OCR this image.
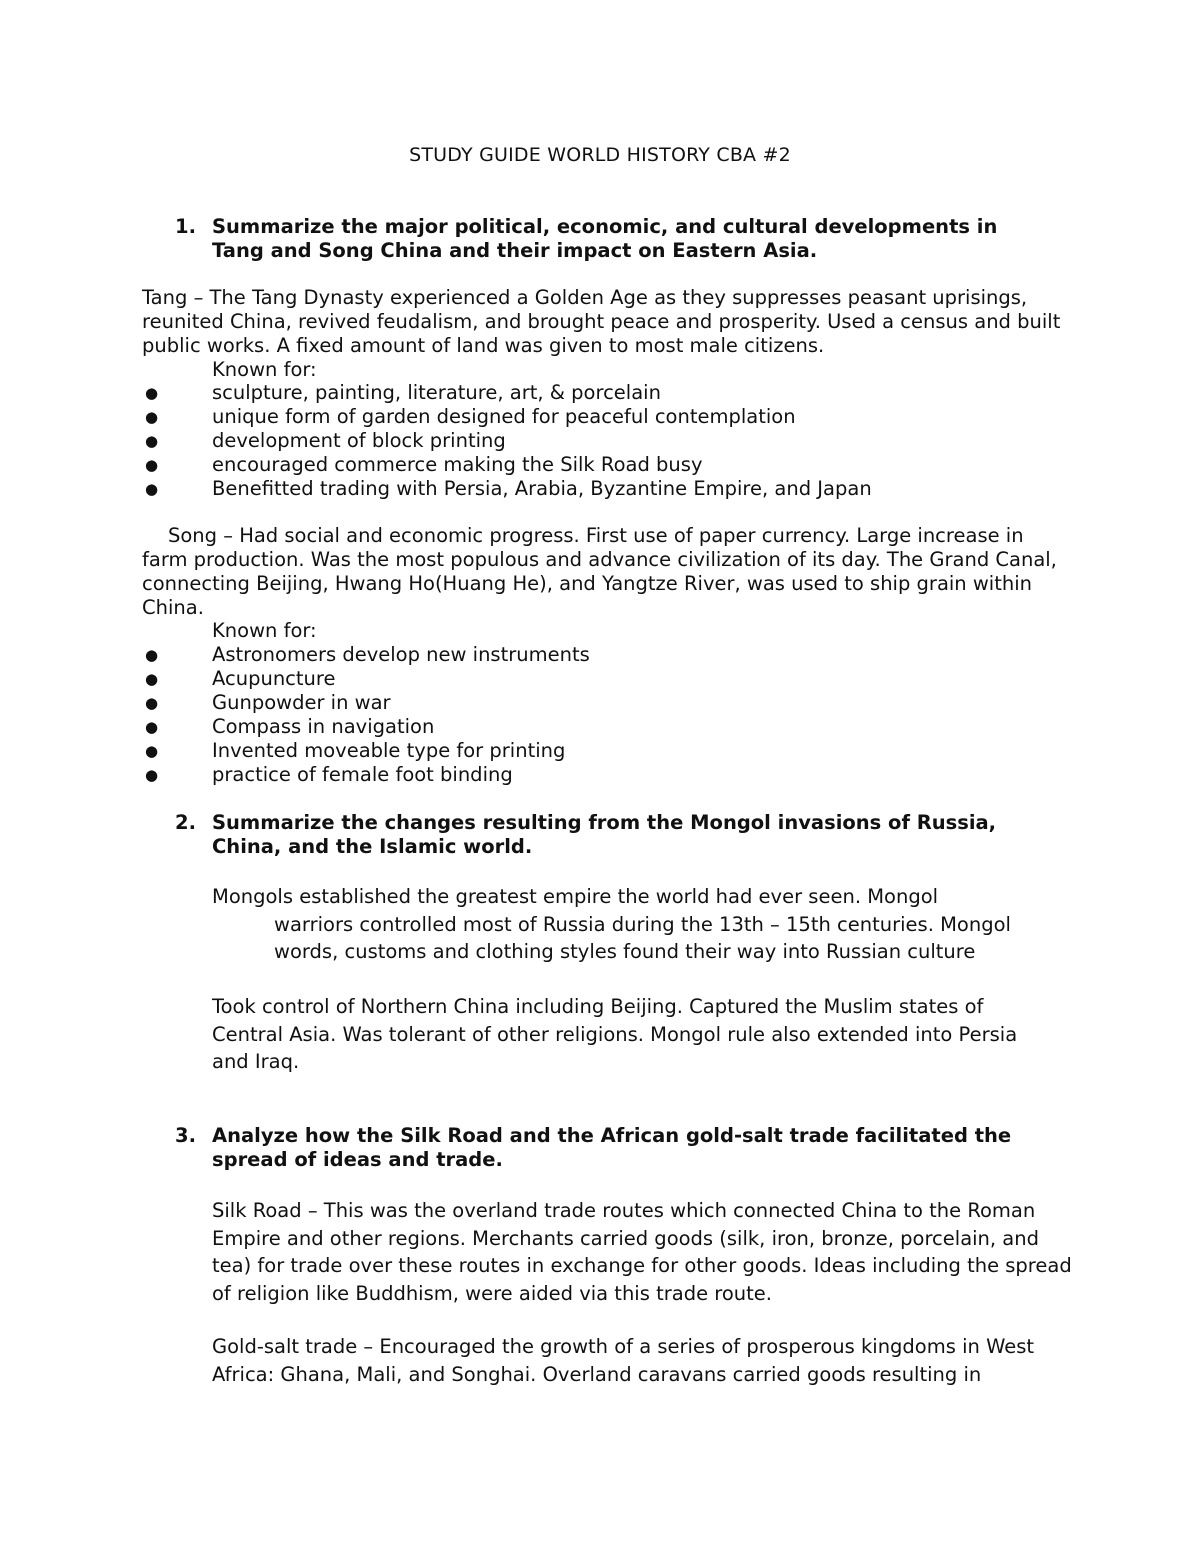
STUDY GUIDE WORLD HISTORY CBA #2
1. Summarize the major political, economic, and cultural developments in Tang and Song China and their impact on Eastern Asia.

Tang – The Tang Dynasty experienced a Golden Age as they suppresses peasant uprisings, reunited China, revived feudalism, and brought peace and prosperity. Used a census and built public works. A fixed amount of land was given to most male citizens.

Known for:
●	sculpture, painting, literature, art, & porcelain
●	unique form of garden designed for peaceful contemplation
●	development of block printing
●	encouraged commerce making the Silk Road busy
●	Benefitted trading with Persia, Arabia, Byzantine Empire, and Japan

Song – Had social and economic progress. First use of paper currency. Large increase in farm production. Was the most populous and advance civilization of its day. The Grand Canal, connecting Beijing, Hwang Ho(Huang He), and Yangtze River, was used to ship grain within China.

Known for:
●	Astronomers develop new instruments
●	Acupuncture
●	Gunpowder in war
●	Compass in navigation
●	Invented moveable type for printing
●	practice of female foot binding
2. Summarize the changes resulting from the Mongol invasions of Russia, China, and the Islamic world.
Mongols established the greatest empire the world had ever seen. Mongol
warriors controlled most of Russia during the 13th – 15th centuries. Mongol
words, customs and clothing styles found their way into Russian culture

Took control of Northern China including Beijing. Captured the Muslim states of Central Asia. Was tolerant of other religions. Mongol rule also extended into Persia and Iraq.

3. Analyze how the Silk Road and the African gold-salt trade facilitated the spread of ideas and trade.

Silk Road – This was the overland trade routes which connected China to the Roman Empire and other regions. Merchants carried goods (silk, iron, bronze, porcelain, and tea) for trade over these routes in exchange for other goods. Ideas including the spread of religion like Buddhism, were aided via this trade route.

Gold-salt trade – Encouraged the growth of a series of prosperous kingdoms in West Africa: Ghana, Mali, and Songhai. Overland caravans carried goods resulting in
